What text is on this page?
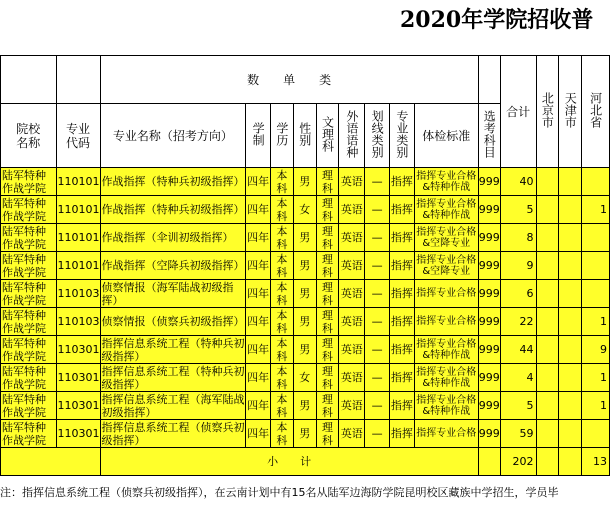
2020年学院招收普
		数　　单　　类										合计	北京市	天津市	河北省

院校名称	专业代码	专业名称（招考方向）	学制	学历	性别	文理科	外语语种	划线类别	专业类别	体检标准	选考科目				
陆军特种作战学院	110101	作战指挥（特种兵初级指挥）	四年	本科	男	理科	英语	—	指挥	指挥专业合格&特种作战	999	40			
陆军特种作战学院	110101	作战指挥（特种兵初级指挥）	四年	本科	女	理科	英语	—	指挥	指挥专业合格&特种作战	999	5			1
陆军特种作战学院	110101	作战指挥（伞训初级指挥）	四年	本科	男	理科	英语	—	指挥	指挥专业合格&空降专业	999	8			
陆军特种作战学院	110101	作战指挥（空降兵初级指挥）	四年	本科	男	理科	英语	—	指挥	指挥专业合格&空降专业	999	9			
陆军特种作战学院	110103	侦察情报（海军陆战初级指挥）	四年	本科	男	理科	英语	—	指挥	指挥专业合格	999	6			
陆军特种作战学院	110103	侦察情报（侦察兵初级指挥）	四年	本科	男	理科	英语	—	指挥	指挥专业合格	999	22			1
陆军特种作战学院	110301	指挥信息系统工程（特种兵初级指挥）	四年	本科	男	理科	英语	—	指挥	指挥专业合格&特种作战	999	44			9
陆军特种作战学院	110301	指挥信息系统工程（特种兵初级指挥）	四年	本科	女	理科	英语	—	指挥	指挥专业合格&特种作战	999	4			1
陆军特种作战学院	110301	指挥信息系统工程（海军陆战初级指挥）	四年	本科	男	理科	英语	—	指挥	指挥专业合格&特种作战	999	5			1
陆军特种作战学院	110301	指挥信息系统工程（侦察兵初级指挥）	四年	本科	男	理科	英语	—	指挥	指挥专业合格	999	59			
		小　　计										202			13
注：指挥信息系统工程（侦察兵初级指挥），在云南计划中有15名从陆军边海防学院昆明校区藏族中学招生，学员毕
